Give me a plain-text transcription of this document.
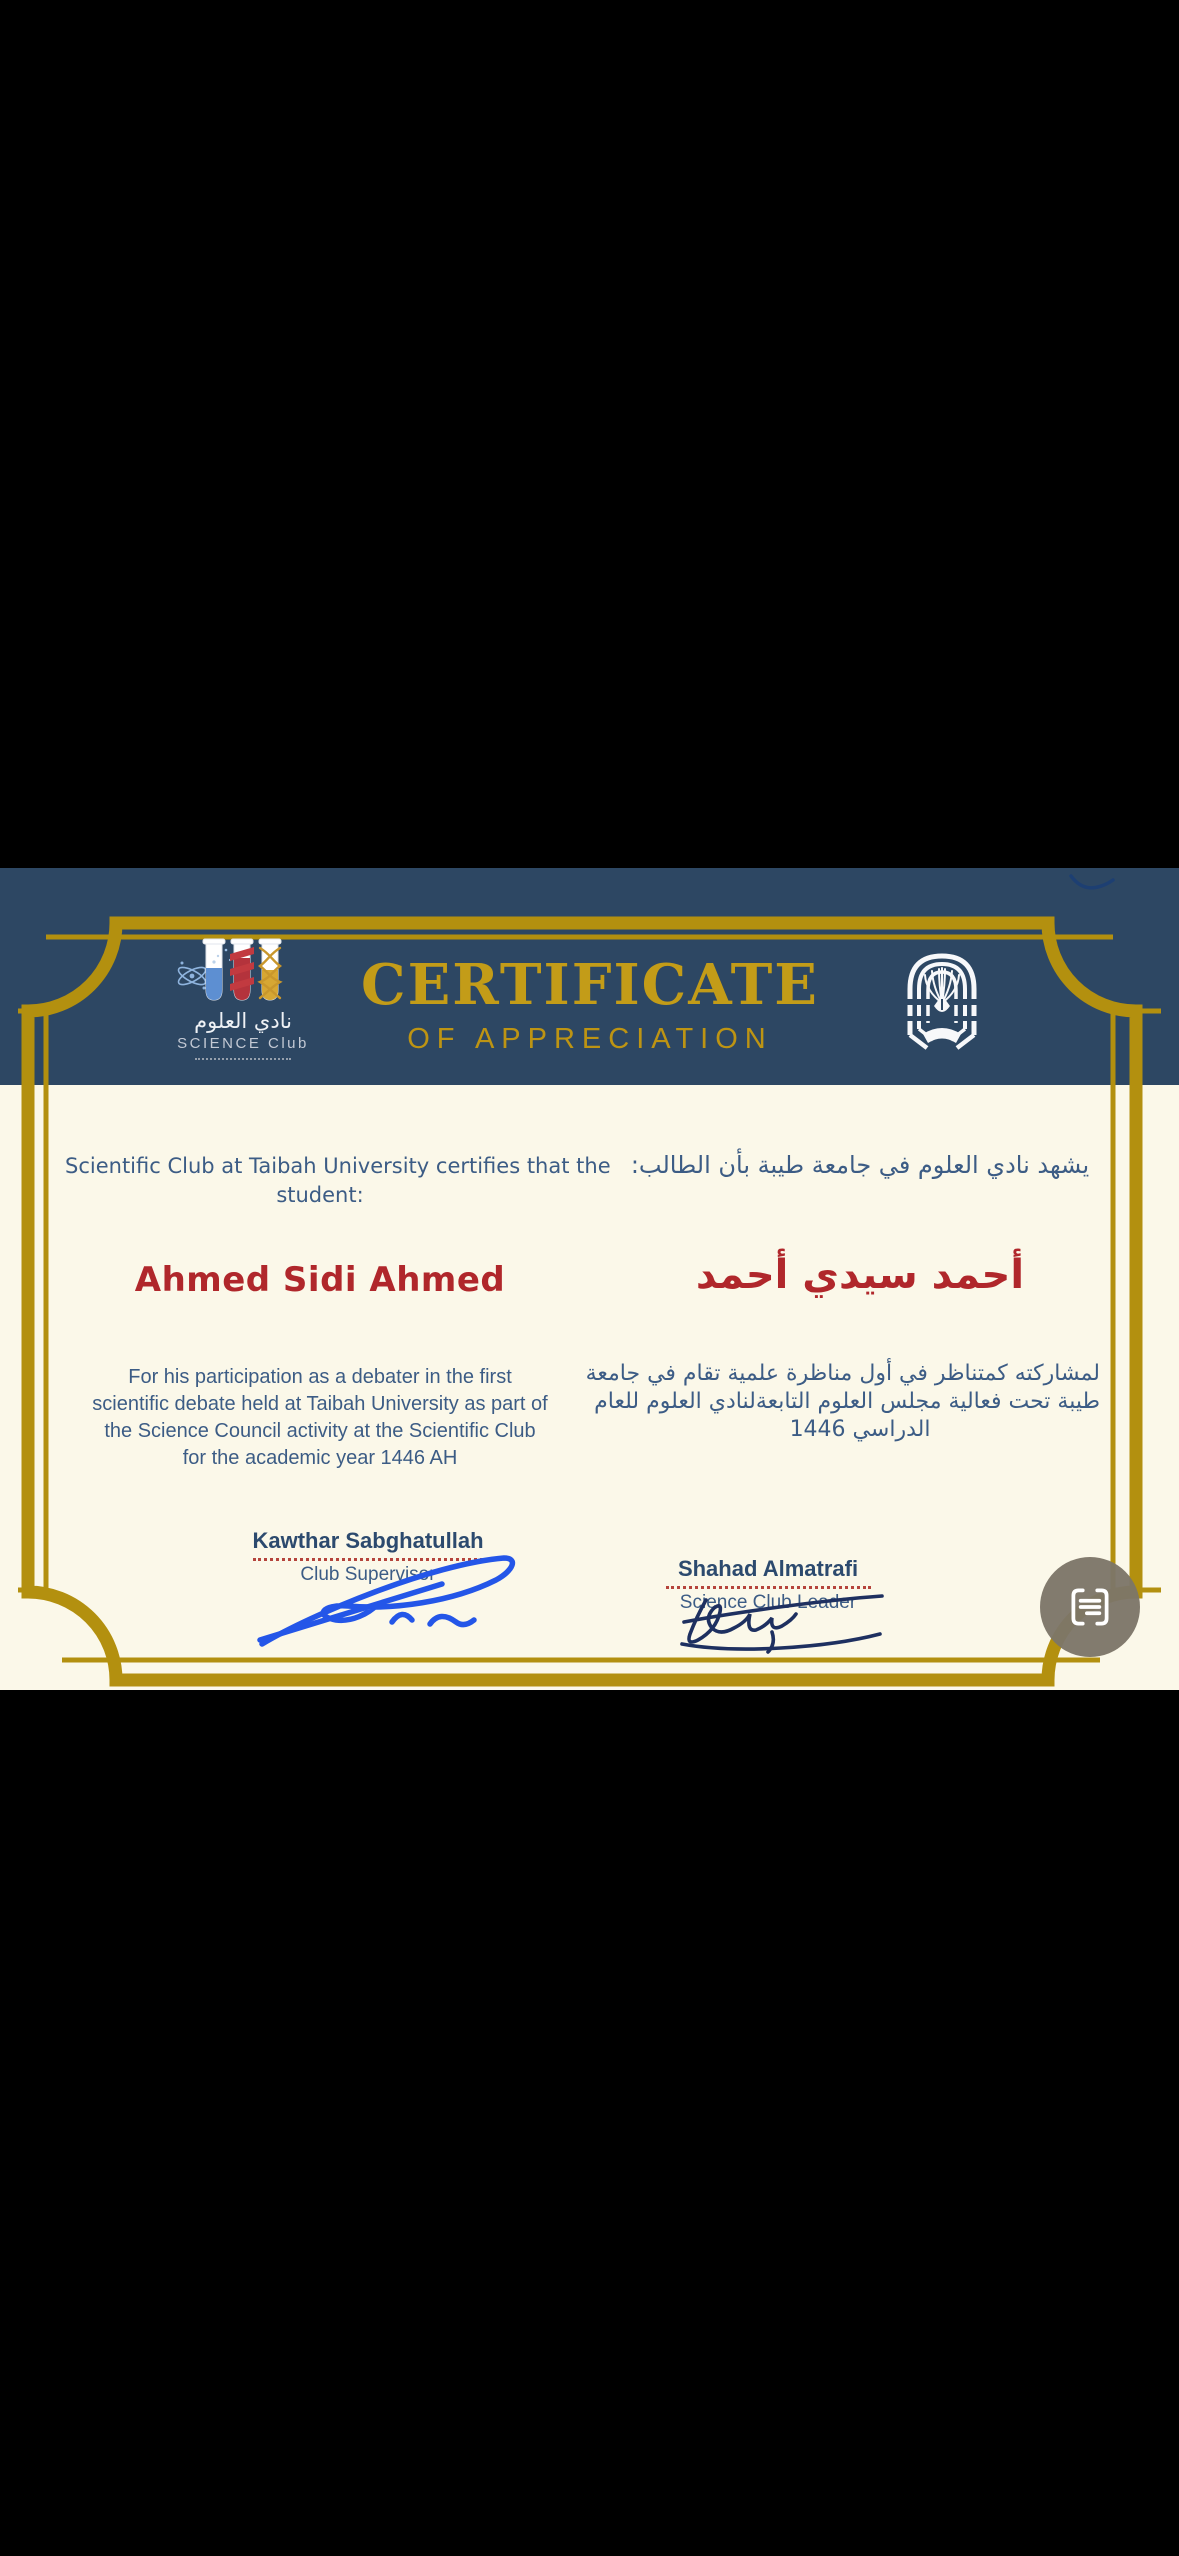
نادي العلوم
SCIENCE Club
CERTIFICATE
OF APPRECIATION
Scientific Club at Taibah University certifies that the
student:
Ahmed Sidi Ahmed
For his participation as a debater in the first
scientific debate held at Taibah University as part of
the Science Council activity at the Scientific Club
for the academic year 1446 AH
يشهد نادي العلوم في جامعة طيبة بأن الطالب:
أحمد سيدي أحمد
لمشاركته كمتناظر في أول مناظرة علمية تقام في جامعة
طيبة تحت فعالية مجلس العلوم التابعةلنادي العلوم للعام
الدراسي 1446
Kawthar Sabghatullah
Club Supervisor	Shahad Almatrafi
Science Club Leader
